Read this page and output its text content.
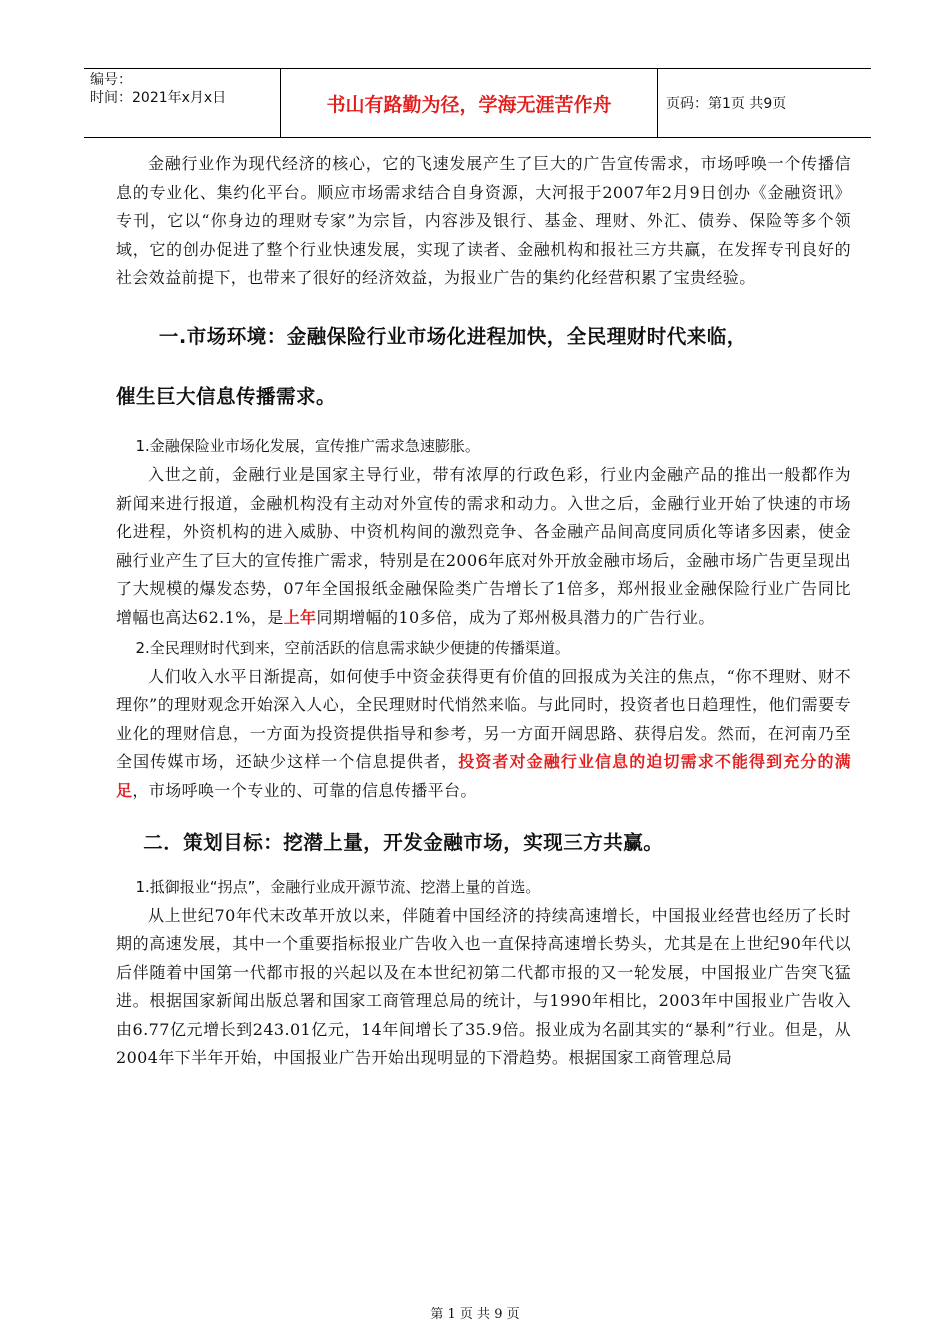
编号：
时间：2021年x月x日	书山有路勤为径，学海无涯苦作舟	页码：第1页 共9页

金融行业作为现代经济的核心，它的飞速发展产生了巨大的广告宣传需求，市场呼唤一个传播信息的专业化、集约化平台。顺应市场需求结合自身资源，大河报于2007年2月9日创办《金融资讯》专刊，它以“你身边的理财专家”为宗旨，内容涉及银行、基金、理财、外汇、债券、保险等多个领域，它的创办促进了整个行业快速发展，实现了读者、金融机构和报社三方共赢，在发挥专刊良好的社会效益前提下，也带来了很好的经济效益，为报业广告的集约化经营积累了宝贵经验。

一.市场环境：金融保险行业市场化进程加快，全民理财时代来临，
催生巨大信息传播需求。
1.金融保险业市场化发展，宣传推广需求急速膨胀。

入世之前，金融行业是国家主导行业，带有浓厚的行政色彩，行业内金融产品的推出一般都作为新闻来进行报道，金融机构没有主动对外宣传的需求和动力。入世之后，金融行业开始了快速的市场化进程，外资机构的进入威胁、中资机构间的激烈竞争、各金融产品间高度同质化等诸多因素，使金融行业产生了巨大的宣传推广需求，特别是在2006年底对外开放金融市场后，金融市场广告更呈现出了大规模的爆发态势，07年全国报纸金融保险类广告增长了1倍多，郑州报业金融保险行业广告同比增幅也高达62.1%，是上年同期增幅的10多倍，成为了郑州极具潜力的广告行业。

2.全民理财时代到来，空前活跃的信息需求缺少便捷的传播渠道。

人们收入水平日渐提高，如何使手中资金获得更有价值的回报成为关注的焦点，“你不理财、财不理你”的理财观念开始深入人心，全民理财时代悄然来临。与此同时，投资者也日趋理性，他们需要专业化的理财信息，一方面为投资提供指导和参考，另一方面开阔思路、获得启发。然而，在河南乃至全国传媒市场，还缺少这样一个信息提供者，投资者对金融行业信息的迫切需求不能得到充分的满足，市场呼唤一个专业的、可靠的信息传播平台。

二．策划目标：挖潜上量，开发金融市场，实现三方共赢。
1.抵御报业“拐点”，金融行业成开源节流、挖潜上量的首选。

从上世纪70年代末改革开放以来，伴随着中国经济的持续高速增长，中国报业经营也经历了长时期的高速发展，其中一个重要指标报业广告收入也一直保持高速增长势头，尤其是在上世纪90年代以后伴随着中国第一代都市报的兴起以及在本世纪初第二代都市报的又一轮发展，中国报业广告突飞猛进。根据国家新闻出版总署和国家工商管理总局的统计，与1990年相比，2003年中国报业广告收入由6.77亿元增长到243.01亿元，14年间增长了35.9倍。报业成为名副其实的“暴利”行业。但是，从2004年下半年开始，中国报业广告开始出现明显的下滑趋势。根据国家工商管理总局

第 1 页 共 9 页
